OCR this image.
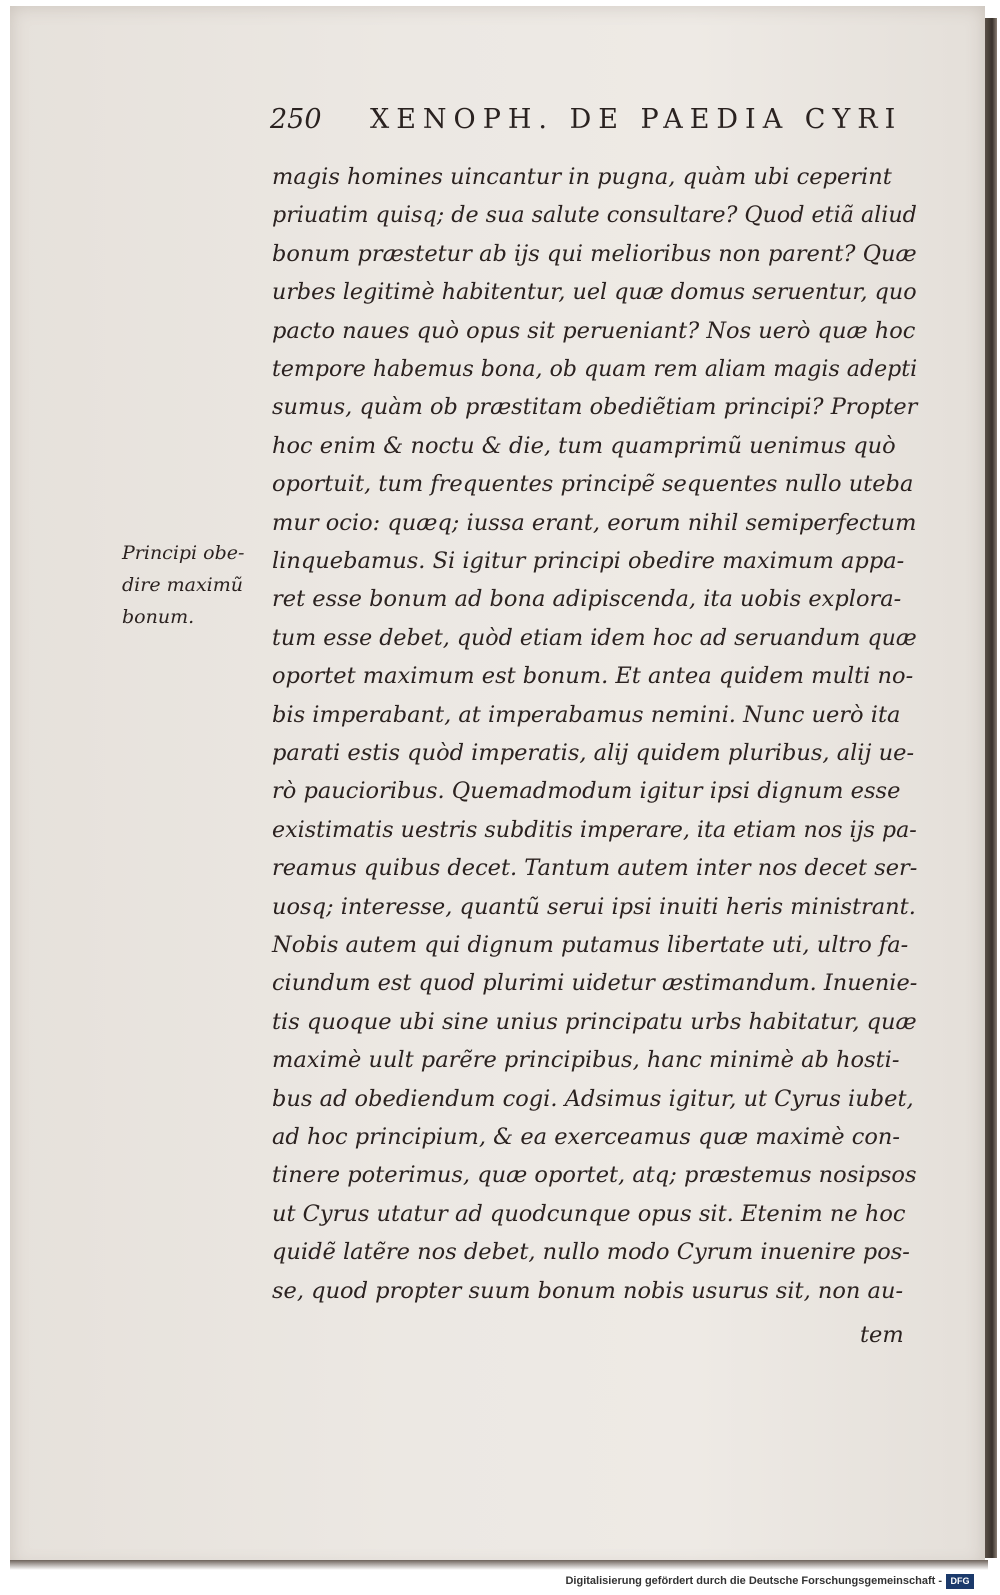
250 XENOPH. DE PAEDIA CYRI
magis homines uincantur in pugna, quàm ubi ceperint
priuatim quisq; de sua salute consultare? Quod etiã aliud
bonum præstetur ab ijs qui melioribus non parent? Quæ
urbes legitimè habitentur, uel quæ domus seruentur, quo
pacto naues quò opus sit perueniant? Nos uerò quæ hoc
tempore habemus bona, ob quam rem aliam magis adepti
sumus, quàm ob præstitam obediẽtiam principi? Propter
hoc enim & noctu & die, tum quamprimũ uenimus quò
oportuit, tum frequentes principẽ sequentes nullo uteba
mur ocio: quæq; iussa erant, eorum nihil semiperfectum
linquebamus. Si igitur principi obedire maximum appa-
ret esse bonum ad bona adipiscenda, ita uobis explora-
tum esse debet, quòd etiam idem hoc ad seruandum quæ
oportet maximum est bonum. Et antea quidem multi no-
bis imperabant, at imperabamus nemini. Nunc uerò ita
parati estis quòd imperatis, alij quidem pluribus, alij ue-
rò paucioribus. Quemadmodum igitur ipsi dignum esse
existimatis uestris subditis imperare, ita etiam nos ijs pa-
reamus quibus decet. Tantum autem inter nos decet ser-
uosq; interesse, quantũ serui ipsi inuiti heris ministrant.
Nobis autem qui dignum putamus libertate uti, ultro fa-
ciundum est quod plurimi uidetur æstimandum. Inuenie-
tis quoque ubi sine unius principatu urbs habitatur, quæ
maximè uult parẽre principibus, hanc minimè ab hosti-
bus ad obediendum cogi. Adsimus igitur, ut Cyrus iubet,
ad hoc principium, & ea exerceamus quæ maximè con-
tinere poterimus, quæ oportet, atq; præstemus nosipsos
ut Cyrus utatur ad quodcunque opus sit. Etenim ne hoc
quidẽ latẽre nos debet, nullo modo Cyrum inuenire pos-
se, quod propter suum bonum nobis usurus sit, non au-
Principi obe-
dire maximũ
bonum.
tem
Digitalisierung gefördert durch die Deutsche Forschungsgemeinschaft - DFG
